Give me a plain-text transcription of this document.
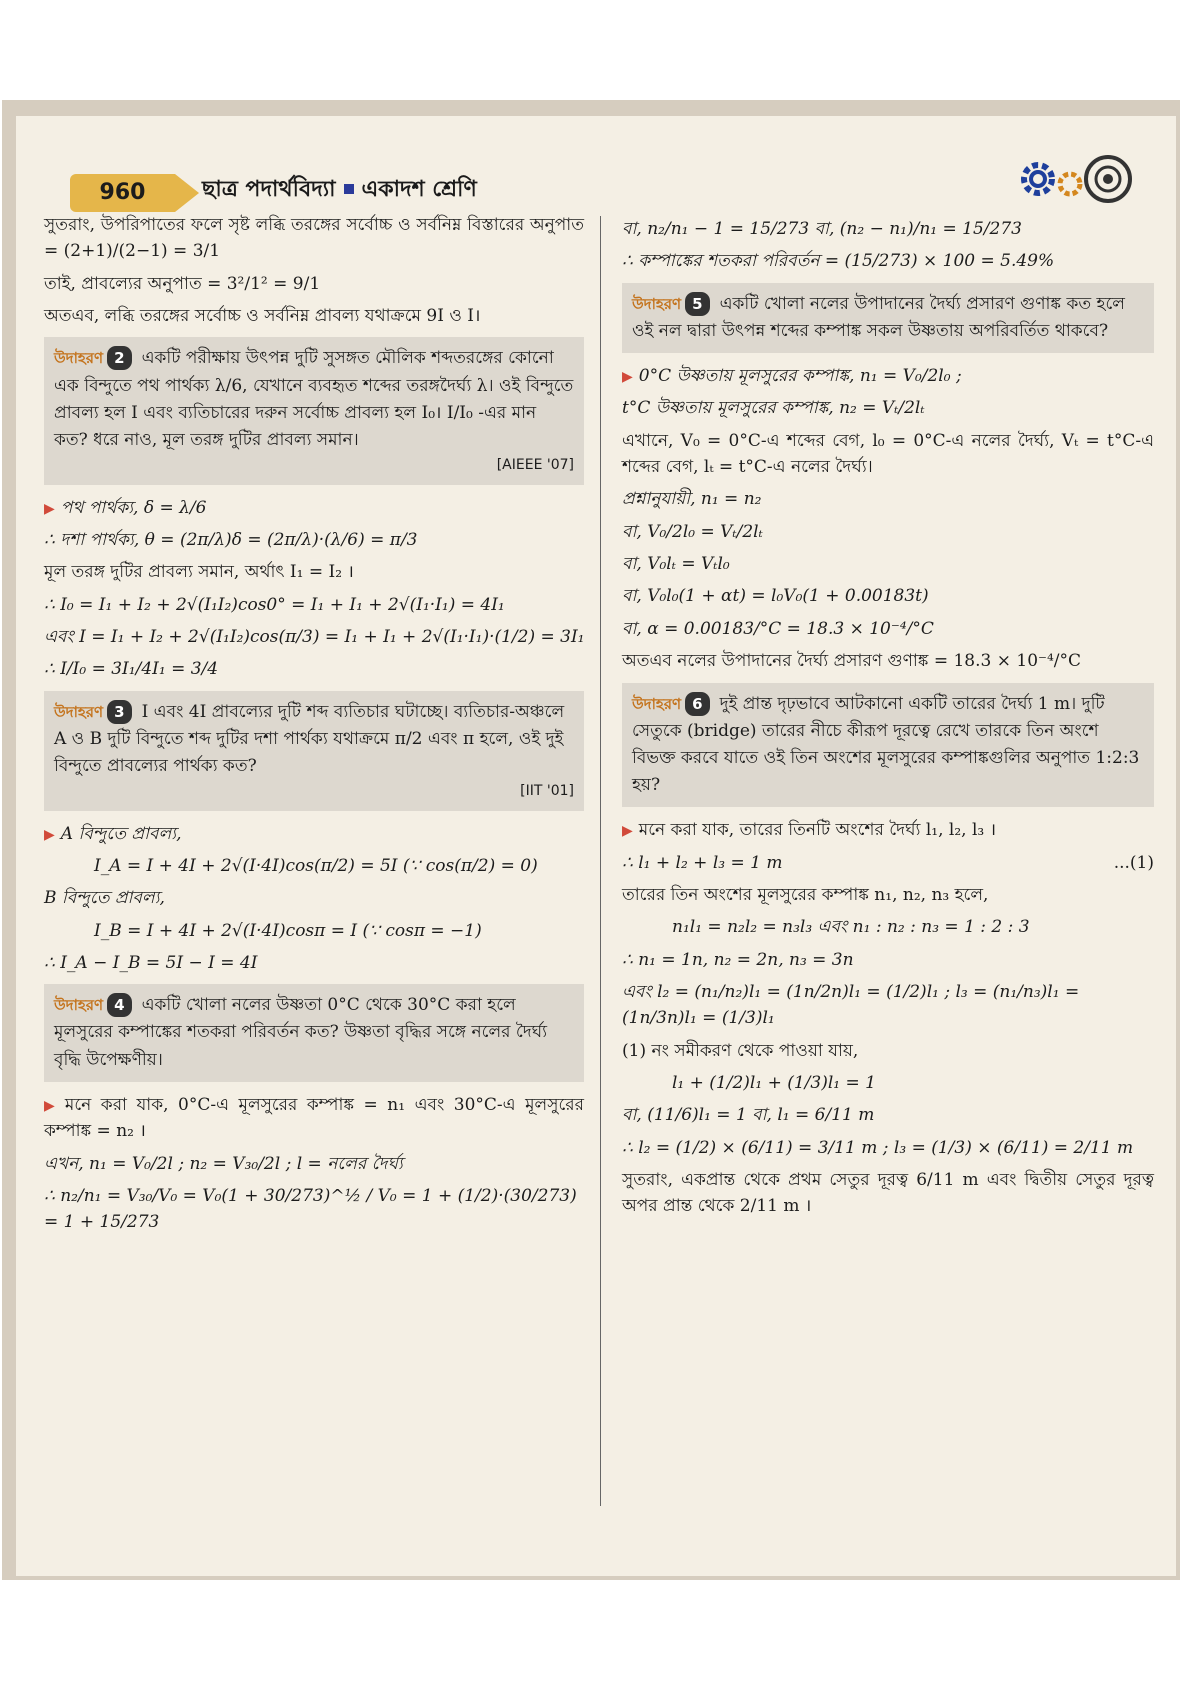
960	ছাত্র পদার্থবিদ্যা একাদশ শ্রেণি

সুতরাং, উপরিপাতের ফলে সৃষ্ট লব্ধি তরঙ্গের সর্বোচ্চ ও সর্বনিম্ন বিস্তারের অনুপাত = (2+1)/(2−1) = 3/1

তাই, প্রাবল্যের অনুপাত = 3²/1² = 9/1

অতএব, লব্ধি তরঙ্গের সর্বোচ্চ ও সর্বনিম্ন প্রাবল্য যথাক্রমে 9I ও I।

উদাহরণ 2 একটি পরীক্ষায় উৎপন্ন দুটি সুসঙ্গত মৌলিক শব্দতরঙ্গের কোনো এক বিন্দুতে পথ পার্থক্য λ/6, যেখানে ব্যবহৃত শব্দের তরঙ্গদৈর্ঘ্য λ। ওই বিন্দুতে প্রাবল্য হল I এবং ব্যতিচারের দরুন সর্বোচ্চ প্রাবল্য হল I₀। I/I₀ -এর মান কত? ধরে নাও, মূল তরঙ্গ দুটির প্রাবল্য সমান।
[AIEEE '07]

▶ পথ পার্থক্য, δ = λ/6

∴ দশা পার্থক্য, θ = (2π/λ)δ = (2π/λ)·(λ/6) = π/3

মূল তরঙ্গ দুটির প্রাবল্য সমান, অর্থাৎ I₁ = I₂ ।

∴ I₀ = I₁ + I₂ + 2√(I₁I₂)cos0° = I₁ + I₁ + 2√(I₁·I₁) = 4I₁

এবং I = I₁ + I₂ + 2√(I₁I₂)cos(π/3) = I₁ + I₁ + 2√(I₁·I₁)·(1/2) = 3I₁

∴ I/I₀ = 3I₁/4I₁ = 3/4

উদাহরণ 3 I এবং 4I প্রাবল্যের দুটি শব্দ ব্যতিচার ঘটাচ্ছে। ব্যতিচার-অঞ্চলে A ও B দুটি বিন্দুতে শব্দ দুটির দশা পার্থক্য যথাক্রমে π/2 এবং π হলে, ওই দুই বিন্দুতে প্রাবল্যের পার্থক্য কত?
[IIT '01]

▶ A বিন্দুতে প্রাবল্য,

I_A = I + 4I + 2√(I·4I)cos(π/2) = 5I (∵ cos(π/2) = 0)

B বিন্দুতে প্রাবল্য,

I_B = I + 4I + 2√(I·4I)cosπ = I (∵ cosπ = −1)

∴ I_A − I_B = 5I − I = 4I

উদাহরণ 4 একটি খোলা নলের উষ্ণতা 0°C থেকে 30°C করা হলে মূলসুরের কম্পাঙ্কের শতকরা পরিবর্তন কত? উষ্ণতা বৃদ্ধির সঙ্গে নলের দৈর্ঘ্য বৃদ্ধি উপেক্ষণীয়।

▶ মনে করা যাক, 0°C-এ মূলসুরের কম্পাঙ্ক = n₁ এবং 30°C-এ মূলসুরের কম্পাঙ্ক = n₂ ।

এখন, n₁ = V₀/2l ; n₂ = V₃₀/2l ; l = নলের দৈর্ঘ্য

∴ n₂/n₁ = V₃₀/V₀ = V₀(1 + 30/273)^½ / V₀ = 1 + (1/2)·(30/273) = 1 + 15/273

বা, n₂/n₁ − 1 = 15/273 বা, (n₂ − n₁)/n₁ = 15/273

∴ কম্পাঙ্কের শতকরা পরিবর্তন = (15/273) × 100 = 5.49%

উদাহরণ 5 একটি খোলা নলের উপাদানের দৈর্ঘ্য প্রসারণ গুণাঙ্ক কত হলে ওই নল দ্বারা উৎপন্ন শব্দের কম্পাঙ্ক সকল উষ্ণতায় অপরিবর্তিত থাকবে?

▶ 0°C উষ্ণতায় মূলসুরের কম্পাঙ্ক, n₁ = V₀/2l₀ ;

t°C উষ্ণতায় মূলসুরের কম্পাঙ্ক, n₂ = Vₜ/2lₜ

এখানে, V₀ = 0°C-এ শব্দের বেগ, l₀ = 0°C-এ নলের দৈর্ঘ্য, Vₜ = t°C-এ শব্দের বেগ, lₜ = t°C-এ নলের দৈর্ঘ্য।

প্রশ্নানুযায়ী, n₁ = n₂

বা, V₀/2l₀ = Vₜ/2lₜ

বা, V₀lₜ = Vₜl₀

বা, V₀l₀(1 + αt) = l₀V₀(1 + 0.00183t)

বা, α = 0.00183/°C = 18.3 × 10⁻⁴/°C

অতএব নলের উপাদানের দৈর্ঘ্য প্রসারণ গুণাঙ্ক = 18.3 × 10⁻⁴/°C

উদাহরণ 6 দুই প্রান্ত দৃঢ়ভাবে আটকানো একটি তারের দৈর্ঘ্য 1 m। দুটি সেতুকে (bridge) তারের নীচে কীরূপ দূরত্বে রেখে তারকে তিন অংশে বিভক্ত করবে যাতে ওই তিন অংশের মূলসুরের কম্পাঙ্কগুলির অনুপাত 1:2:3 হয়?

▶ মনে করা যাক, তারের তিনটি অংশের দৈর্ঘ্য l₁, l₂, l₃ ।

∴ l₁ + l₂ + l₃ = 1 m	...(1)

তারের তিন অংশের মূলসুরের কম্পাঙ্ক n₁, n₂, n₃ হলে,

n₁l₁ = n₂l₂ = n₃l₃ এবং n₁ : n₂ : n₃ = 1 : 2 : 3

∴ n₁ = 1n, n₂ = 2n, n₃ = 3n

এবং l₂ = (n₁/n₂)l₁ = (1n/2n)l₁ = (1/2)l₁ ; l₃ = (n₁/n₃)l₁ = (1n/3n)l₁ = (1/3)l₁

(1) নং সমীকরণ থেকে পাওয়া যায়,

l₁ + (1/2)l₁ + (1/3)l₁ = 1

বা, (11/6)l₁ = 1 বা, l₁ = 6/11 m

∴ l₂ = (1/2) × (6/11) = 3/11 m ; l₃ = (1/3) × (6/11) = 2/11 m

সুতরাং, একপ্রান্ত থেকে প্রথম সেতুর দূরত্ব 6/11 m এবং দ্বিতীয় সেতুর দূরত্ব অপর প্রান্ত থেকে 2/11 m ।
